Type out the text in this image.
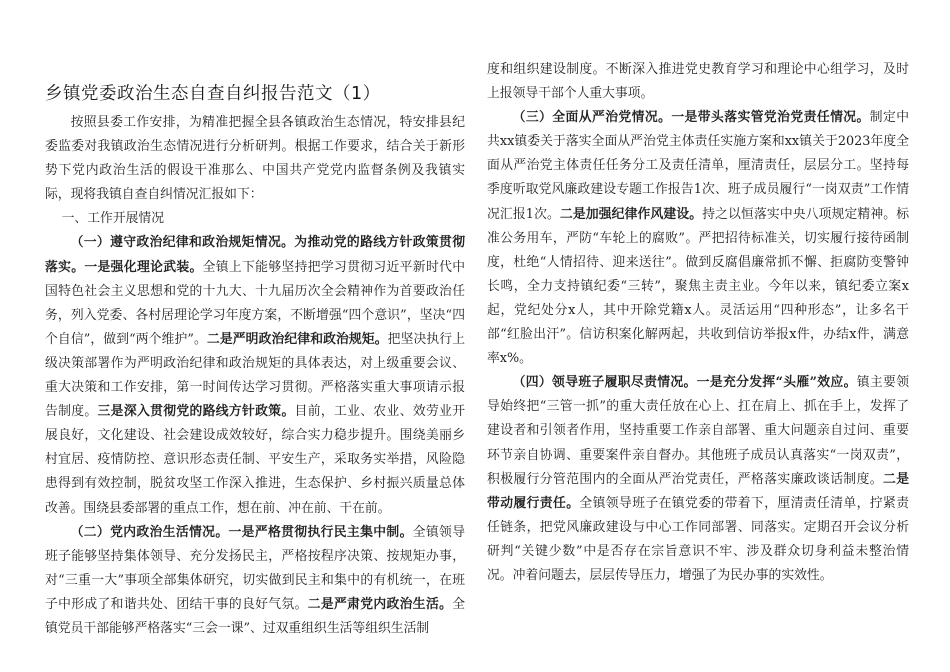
乡镇党委政治生态自查自纠报告范文（1）

按照县委工作安排，为精准把握全县各镇政治生态情况，特安排县纪委监委对我镇政治生态情况进行分析研判。根据工作要求，结合关于新形势下党内政治生活的假设干准那么、中国共产党党内监督条例及我镇实际，现将我镇自查自纠情况汇报如下：

一、工作开展情况

（一）遵守政治纪律和政治规矩情况。为推动党的路线方针政策贯彻落实。一是强化理论武装。全镇上下能够坚持把学习贯彻习近平新时代中国特色社会主义思想和党的十九大、十九届历次全会精神作为首要政治任务，列入党委、各村居理论学习年度方案，不断增强“四个意识”，坚决“四个自信”，做到“两个维护”。二是严明政治纪律和政治规矩。把坚决执行上级决策部署作为严明政治纪律和政治规矩的具体表达，对上级重要会议、重大决策和工作安排，第一时间传达学习贯彻。严格落实重大事项请示报告制度。三是深入贯彻党的路线方针政策。目前，工业、农业、效劳业开展良好，文化建设、社会建设成效较好，综合实力稳步提升。围绕美丽乡村宜居、疫情防控、意识形态责任制、平安生产，采取务实举措，风险隐患得到有效控制，脱贫攻坚工作深入推进，生态保护、乡村振兴质量总体改善。围绕县委部署的重点工作，想在前、冲在前、干在前。

（二）党内政治生活情况。一是严格贯彻执行民主集中制。全镇领导班子能够坚持集体领导、充分发扬民主，严格按程序决策、按规矩办事，对“三重一大”事项全部集体研究，切实做到民主和集中的有机统一，在班子中形成了和谐共处、团结干事的良好气氛。二是严肃党内政治生活。全镇党员干部能够严格落实“三会一课”、过双重组织生活等组织生活制

度和组织建设制度。不断深入推进党史教育学习和理论中心组学习，及时上报领导干部个人重大事项。

（三）全面从严治党情况。一是带头落实管党治党责任情况。制定中共xx镇委关于落实全面从严治党主体责任实施方案和xx镇关于2023年度全面从严治党主体责任任务分工及责任清单，厘清责任，层层分工。坚持每季度听取党风廉政建设专题工作报告1次、班子成员履行“一岗双责”工作情况汇报1次。二是加强纪律作风建设。持之以恒落实中央八项规定精神。标准公务用车，严防“车轮上的腐败”。严把招待标准关，切实履行接待函制度，杜绝“人情招待、迎来送往”。做到反腐倡廉常抓不懈、拒腐防变警钟长鸣，全力支持镇纪委“三转”，聚焦主责主业。今年以来，镇纪委立案x起，党纪处分x人，其中开除党籍x人。灵活运用“四种形态”，让多名干部“红脸出汗”。信访积案化解两起，共收到信访举报x件，办结x件，满意率x%。

（四）领导班子履职尽责情况。一是充分发挥“头雁”效应。镇主要领导始终把“三管一抓”的重大责任放在心上、扛在肩上、抓在手上，发挥了建设者和引领者作用，坚持重要工作亲自部署、重大问题亲自过问、重要环节亲自协调、重要案件亲自督办。其他班子成员认真落实“一岗双责”，积极履行分管范围内的全面从严治党责任，严格落实廉政谈话制度。二是带动履行责任。全镇领导班子在镇党委的带着下，厘清责任清单，拧紧责任链条，把党风廉政建设与中心工作同部署、同落实。定期召开会议分析研判“关键少数”中是否存在宗旨意识不牢、涉及群众切身利益未整治情况。冲着问题去，层层传导压力，增强了为民办事的实效性。
